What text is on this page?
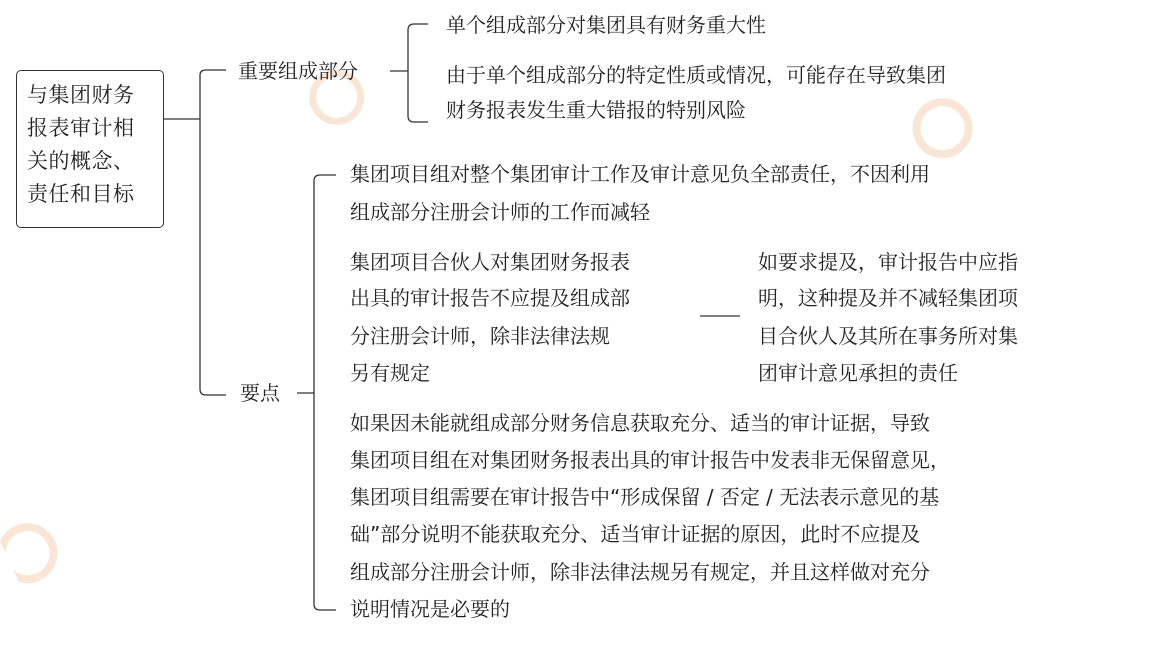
与集团财务
报表审计相
关的概念、
责任和目标
重要组成部分
单个组成部分对集团具有财务重大性
由于单个组成部分的特定性质或情况，可能存在导致集团
财务报表发生重大错报的特别风险
要点
集团项目组对整个集团审计工作及审计意见负全部责任，不因利用
组成部分注册会计师的工作而减轻
集团项目合伙人对集团财务报表
出具的审计报告不应提及组成部
分注册会计师，除非法律法规
另有规定
如要求提及，审计报告中应指
明，这种提及并不减轻集团项
目合伙人及其所在事务所对集
团审计意见承担的责任
如果因未能就组成部分财务信息获取充分、适当的审计证据，导致
集团项目组在对集团财务报表出具的审计报告中发表非无保留意见，
集团项目组需要在审计报告中“形成保留 / 否定 / 无法表示意见的基
础”部分说明不能获取充分、适当审计证据的原因，此时不应提及
组成部分注册会计师，除非法律法规另有规定，并且这样做对充分
说明情况是必要的
